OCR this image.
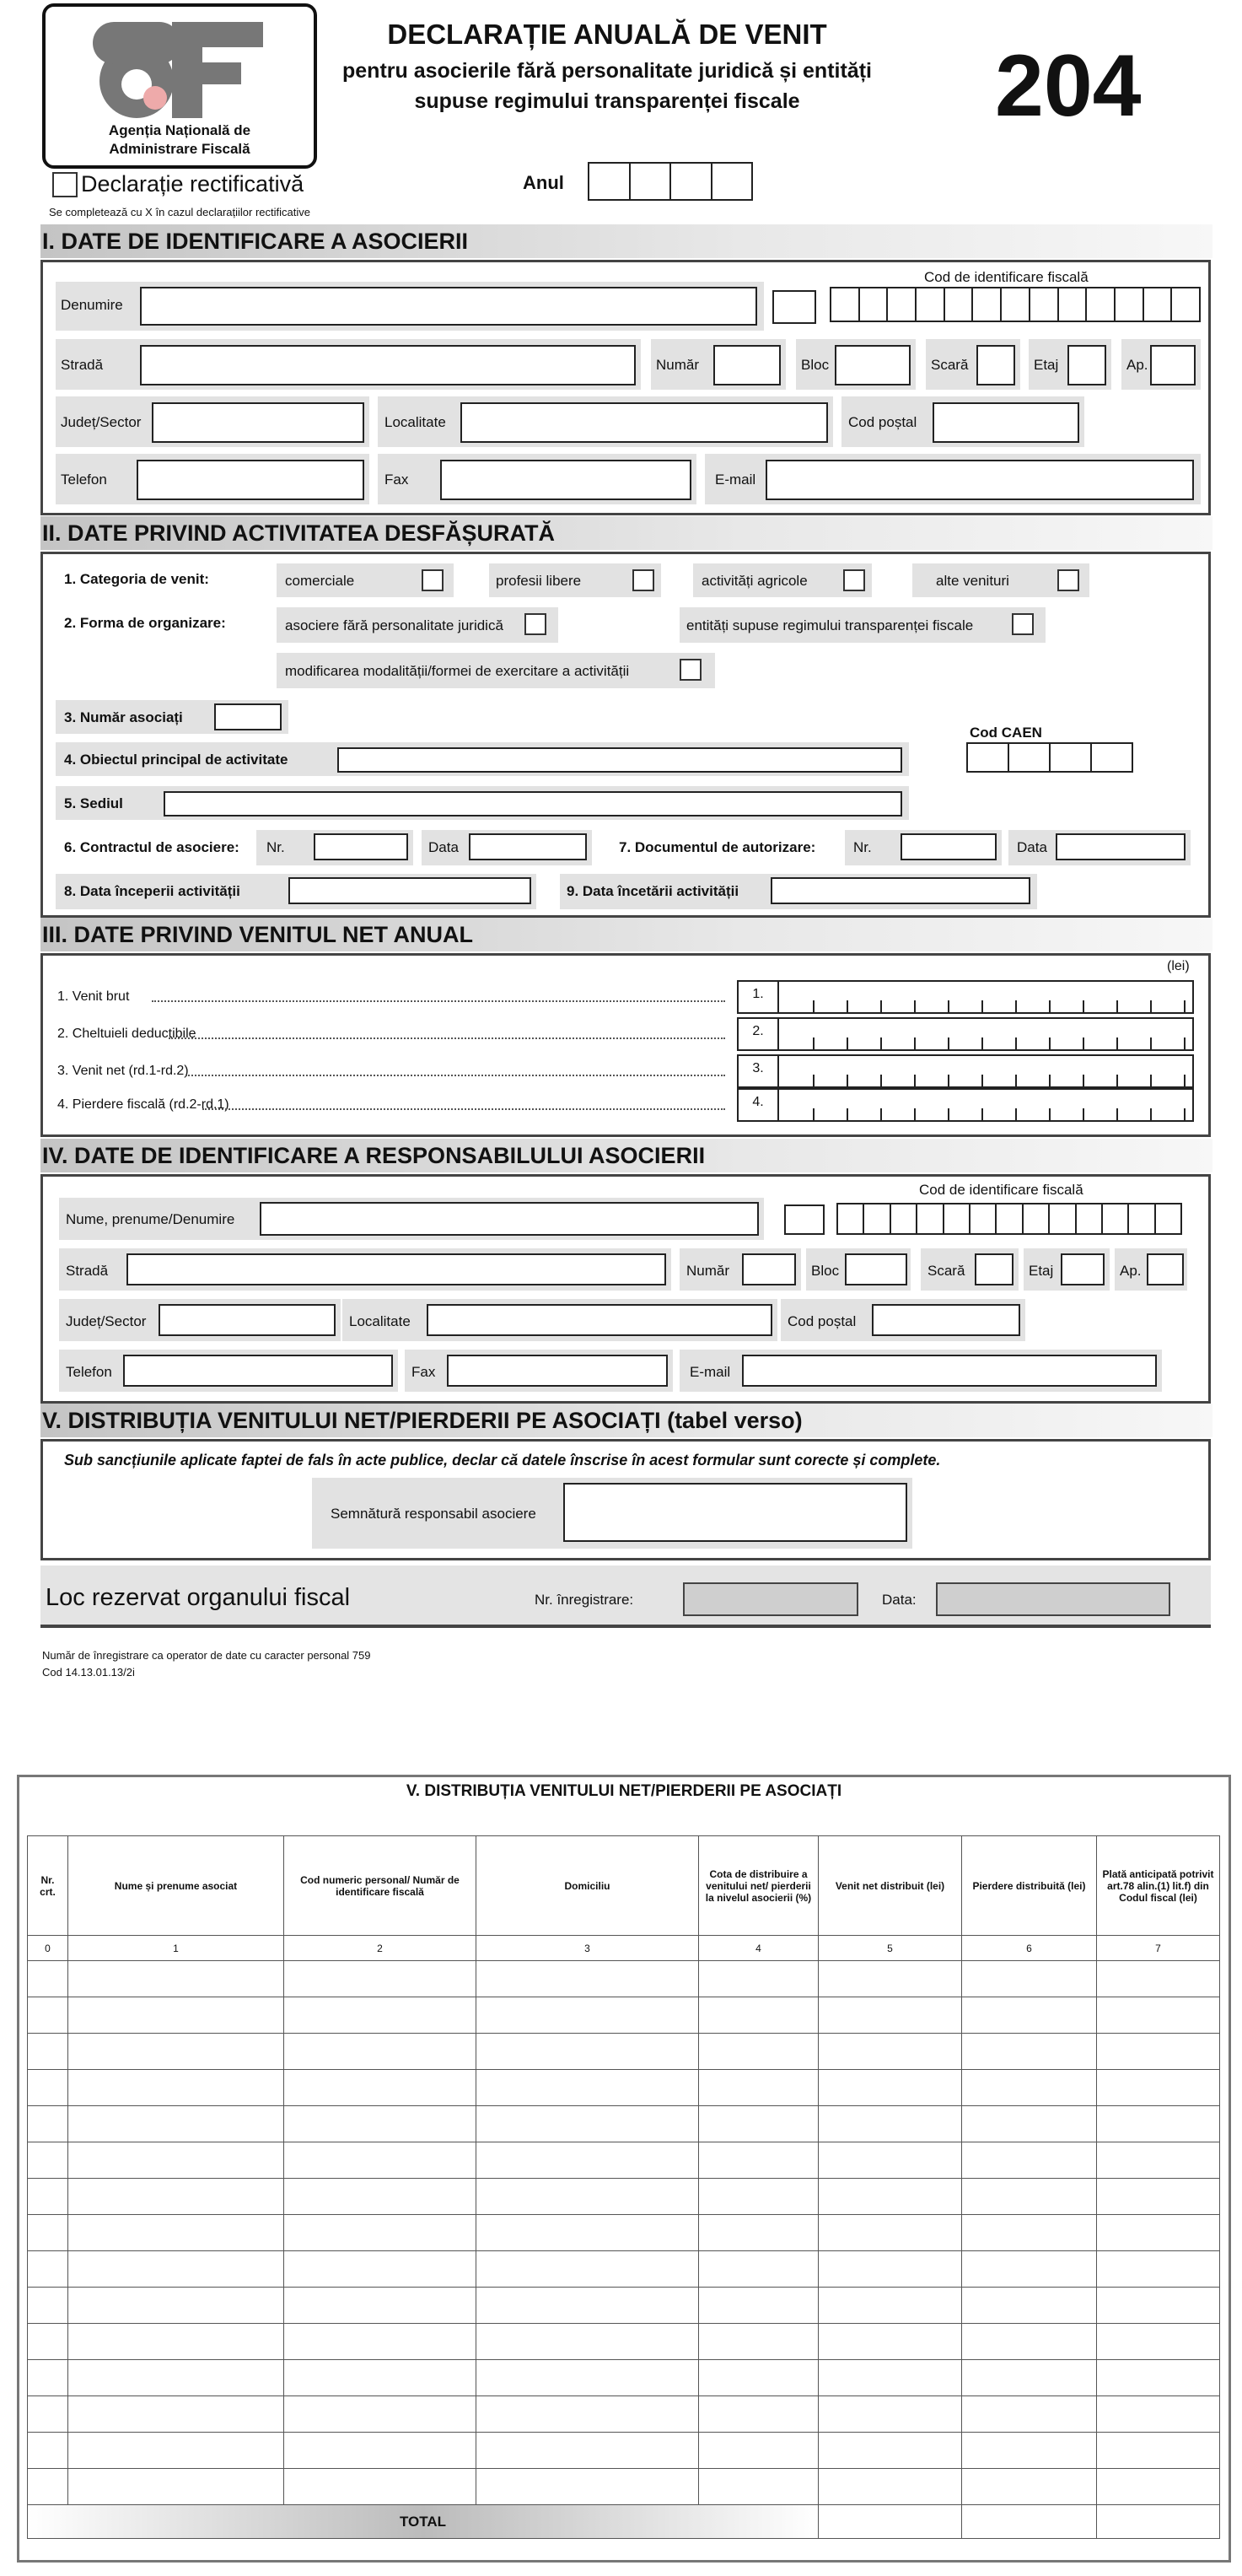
Agenția Națională de Administrare Fiscală
DECLARAȚIE ANUALĂ DE VENIT
pentru asocierile fără personalitate juridică și entități
supuse regimului transparenței fiscale	204
Declarație rectificativă
Se completează cu X în cazul declarațiilor rectificative
Anul
I. DATE DE IDENTIFICARE A ASOCIERII
Cod de identificare fiscală
Denumire
Stradă	Număr	Bloc	Scară	Etaj	Ap.
Județ/Sector	Localitate	Cod poștal
Telefon	Fax	E-mail
II. DATE PRIVIND ACTIVITATEA DESFĂȘURATĂ
1. Categoria de venit:	comerciale	profesii libere	activități agricole	alte venituri
2. Forma de organizare:	asociere fără personalitate juridică	entități supuse regimului transparenței fiscale
modificarea modalității/formei de exercitare a activității
3. Număr asociați
Cod CAEN
4. Obiectul principal de activitate
5. Sediul
6. Contractul de asociere: Nr.	Data	7. Documentul de autorizare:	Nr.	Data
8. Data începerii activității	9. Data încetării activității
III. DATE PRIVIND VENITUL NET ANUAL
(lei)
1. Venit brut	1.
2. Cheltuieli deductibile	2.
3. Venit net (rd.1-rd.2)	3.
4. Pierdere fiscală (rd.2-rd.1)	4.
IV. DATE DE IDENTIFICARE A RESPONSABILULUI ASOCIERII
Cod de identificare fiscală
Nume, prenume/Denumire
Stradă	Număr	Bloc	Scară	Etaj	Ap.
Județ/Sector	Localitate	Cod poștal
Telefon	Fax	E-mail
V. DISTRIBUȚIA VENITULUI NET/PIERDERII PE ASOCIAȚI (tabel verso)
Sub sancțiunile aplicate faptei de fals în acte publice, declar că datele înscrise în acest formular sunt corecte și complete.
Semnătură responsabil asociere
Loc rezervat organului fiscal	Nr. înregistrare:	Data:
Număr de înregistrare ca operator de date cu caracter personal 759
Cod 14.13.01.13/2i
V. DISTRIBUȚIA VENITULUI NET/PIERDERII PE ASOCIAȚI
Nr. crt.	Nume și prenume asociat	Cod numeric personal/ Număr de identificare fiscală	Domiciliu	Cota de distribuire a venitului net/ pierderii la nivelul asocierii (%)	Venit net distribuit (lei)	Pierdere distribuită (lei)	Plată anticipată potrivit art.78 alin.(1) lit.f) din Codul fiscal (lei)
0	1	2	3	4	5	6	7

TOTAL							
